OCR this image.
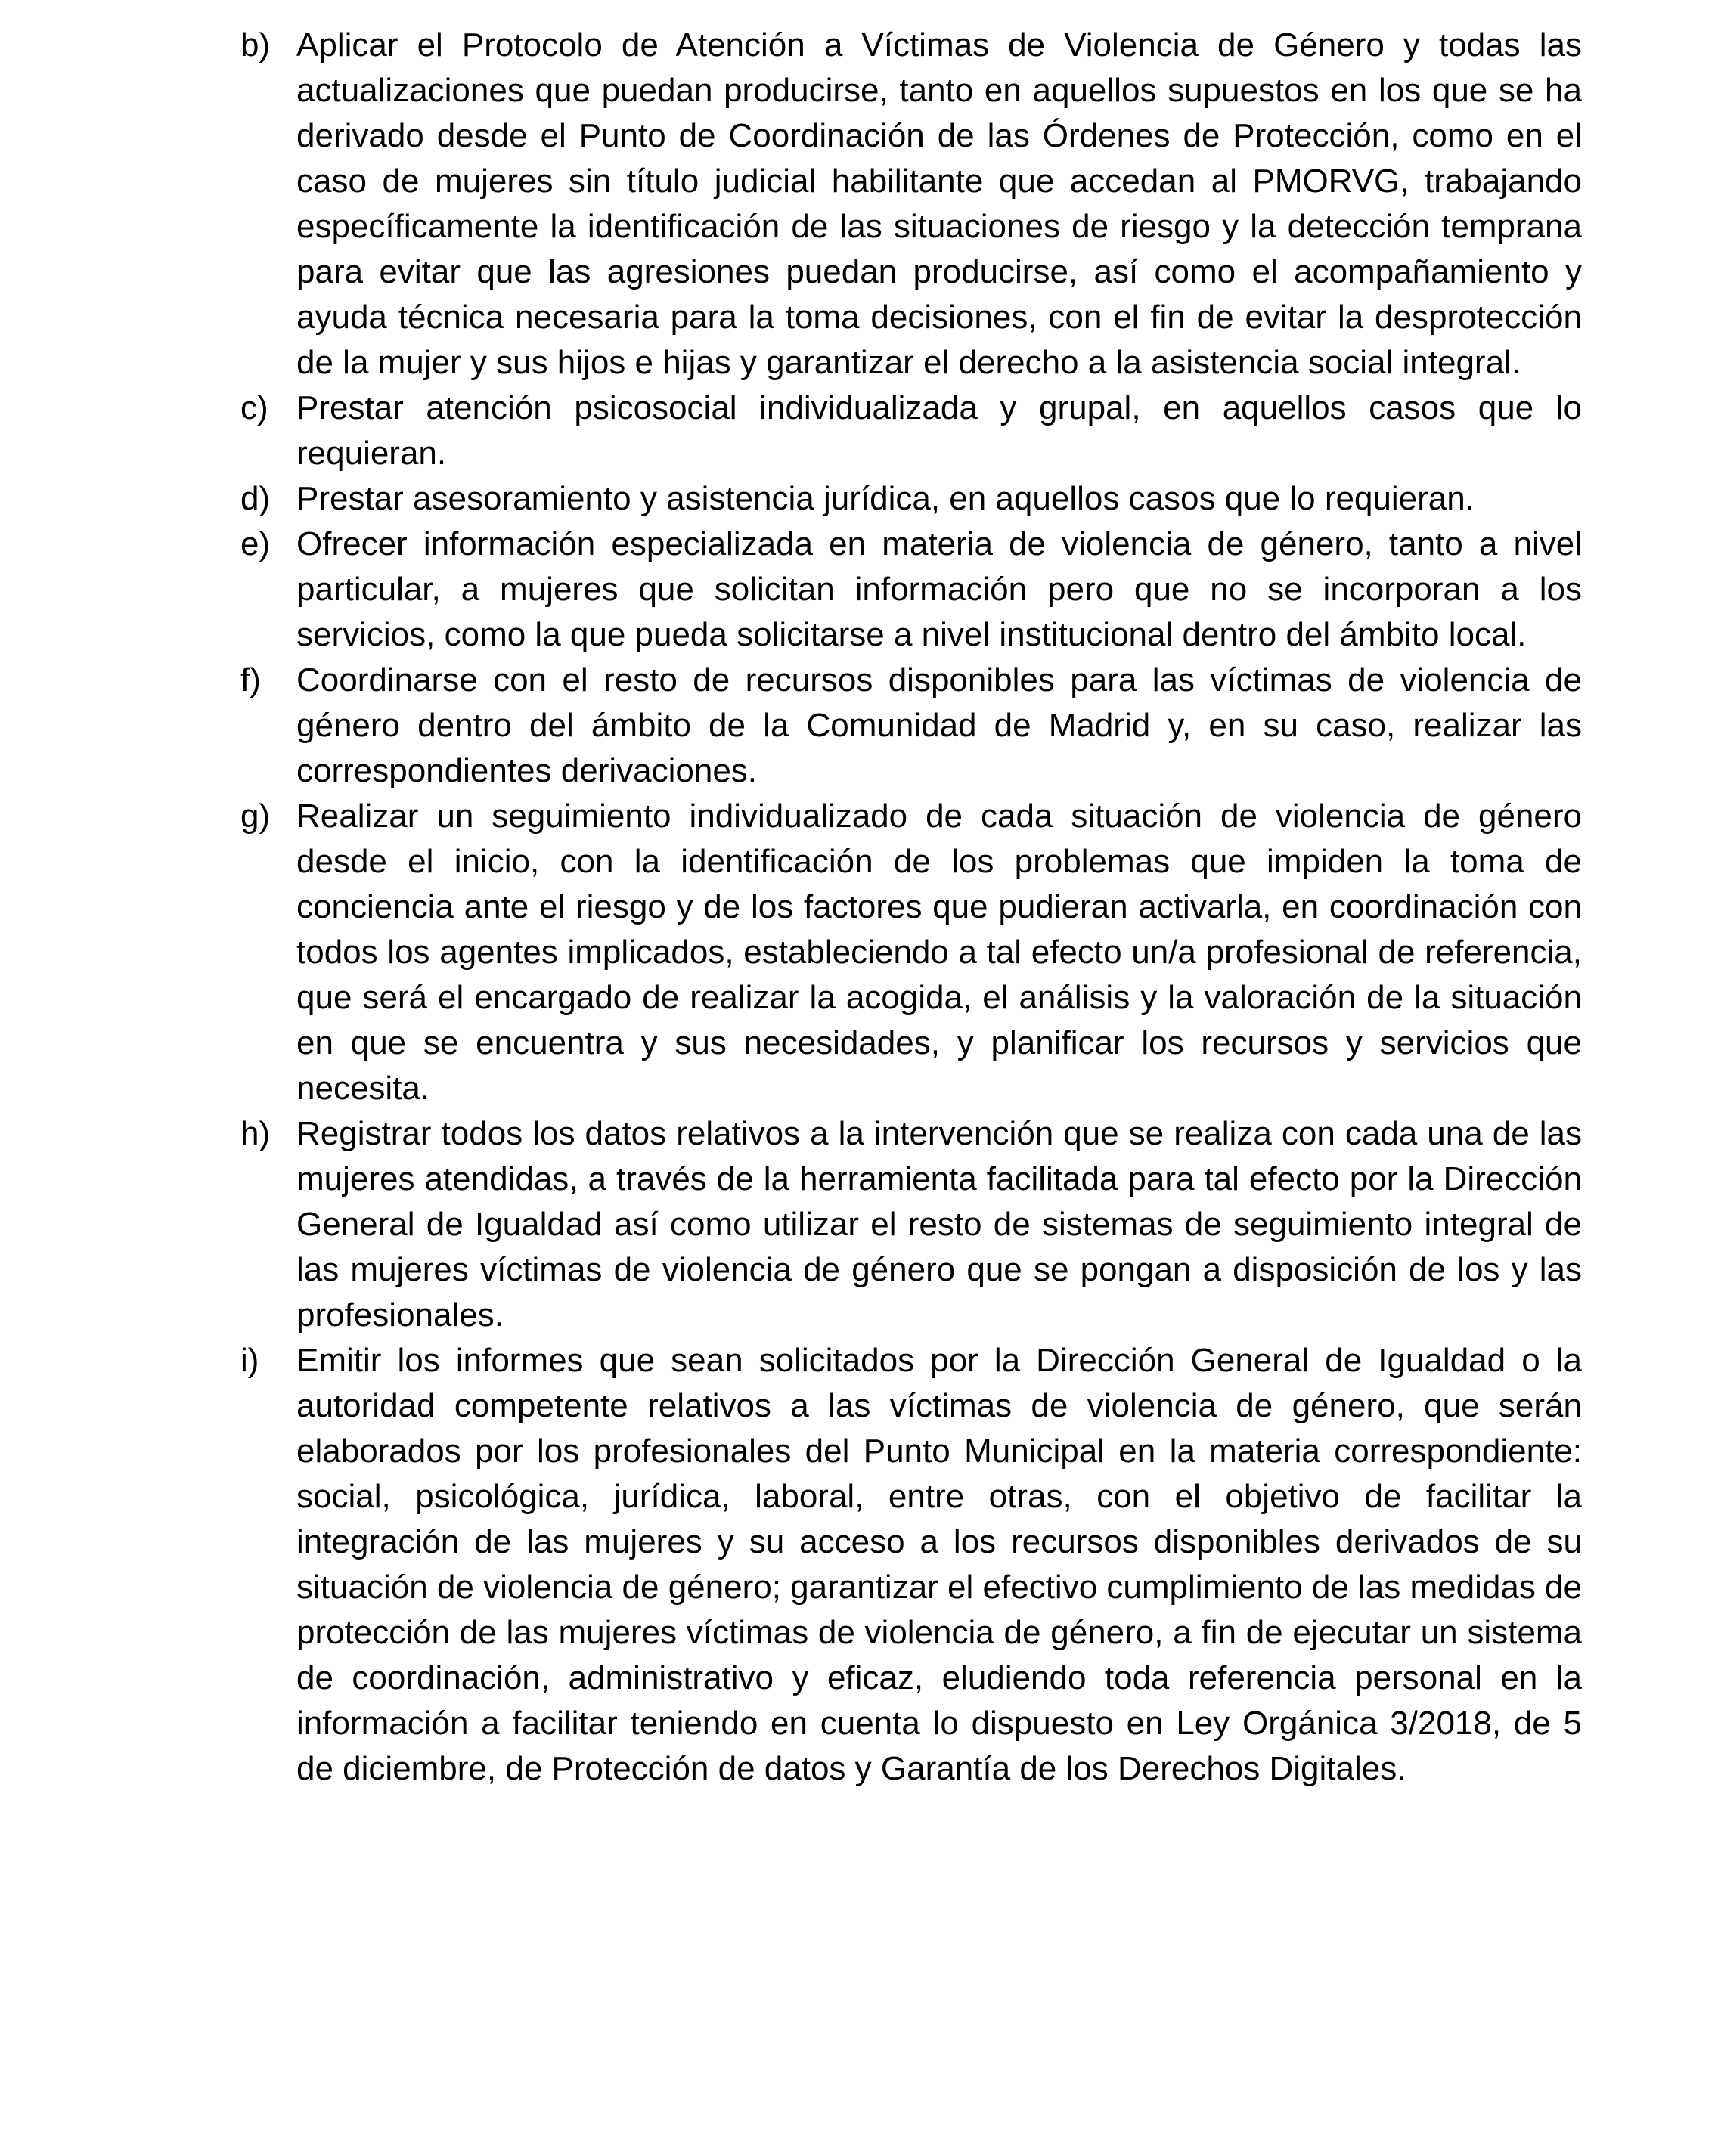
b) Aplicar el Protocolo de Atención a Víctimas de Violencia de Género y todas las actualizaciones que puedan producirse, tanto en aquellos supuestos en los que se ha derivado desde el Punto de Coordinación de las Órdenes de Protección, como en el caso de mujeres sin título judicial habilitante que accedan al PMORVG, trabajando específicamente la identificación de las situaciones de riesgo y la detección temprana para evitar que las agresiones puedan producirse, así como el acompañamiento y ayuda técnica necesaria para la toma decisiones, con el fin de evitar la desprotección de la mujer y sus hijos e hijas y garantizar el derecho a la asistencia social integral.

c) Prestar atención psicosocial individualizada y grupal, en aquellos casos que lo requieran.

d) Prestar asesoramiento y asistencia jurídica, en aquellos casos que lo requieran.

e) Ofrecer información especializada en materia de violencia de género, tanto a nivel particular, a mujeres que solicitan información pero que no se incorporan a los servicios, como la que pueda solicitarse a nivel institucional dentro del ámbito local.

f)	Coordinarse con el resto de recursos disponibles para las víctimas de violencia de género dentro del ámbito de la Comunidad de Madrid y, en su caso, realizar las correspondientes derivaciones.

g) Realizar un seguimiento individualizado de cada situación de violencia de género desde el inicio, con la identificación de los problemas que impiden la toma de conciencia ante el riesgo y de los factores que pudieran activarla, en coordinación con todos los agentes implicados, estableciendo a tal efecto un/a profesional de referencia, que será el encargado de realizar la acogida, el análisis y la valoración de la situación en que se encuentra y sus necesidades, y planificar los recursos y servicios que necesita.

h) Registrar todos los datos relativos a la intervención que se realiza con cada una de las mujeres atendidas, a través de la herramienta facilitada para tal efecto por la Dirección General de Igualdad así como utilizar el resto de sistemas de seguimiento integral de las mujeres víctimas de violencia de género que se pongan a disposición de los y las profesionales.

i)	Emitir los informes que sean solicitados por la Dirección General de Igualdad o la autoridad competente relativos a las víctimas de violencia de género, que serán elaborados por los profesionales del Punto Municipal en la materia correspondiente: social, psicológica, jurídica, laboral, entre otras, con el objetivo de facilitar la integración de las mujeres y su acceso a los recursos disponibles derivados de su situación de violencia de género; garantizar el efectivo cumplimiento de las medidas de protección de las mujeres víctimas de violencia de género, a fin de ejecutar un sistema de coordinación, administrativo y eficaz, eludiendo toda referencia personal en la información a facilitar teniendo en cuenta lo dispuesto en Ley Orgánica 3/2018, de 5 de diciembre, de Protección de datos y Garantía de los Derechos Digitales.
